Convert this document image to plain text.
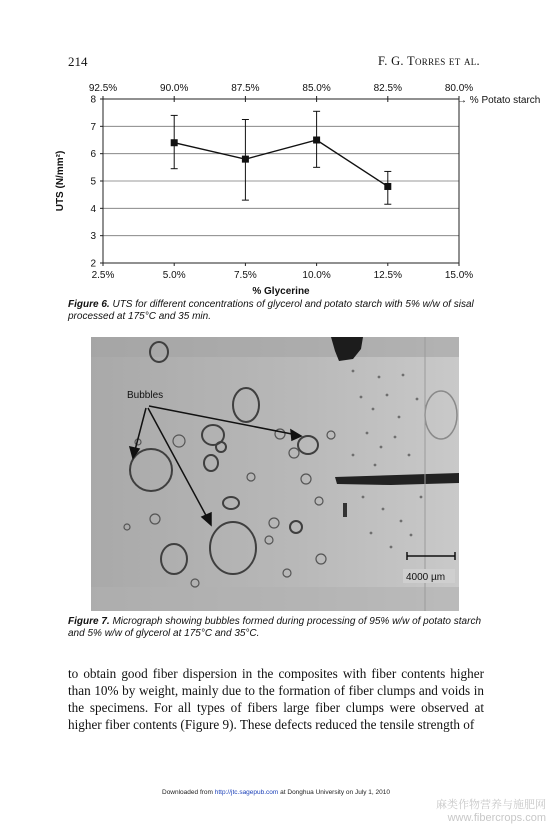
214	F. G. Torres et al.
2
3
4
5
6
7
8
2.5%	5.0%	7.5%	10.0%	12.5%	15.0%
92.5%	90.0%	87.5%	85.0%	82.5%	80.0%
→ % Potato starch
% Glycerine
UTS (N/mm²)
Figure 6. UTS for different concentrations of glycerol and potato starch with 5% w/w of sisal processed at 175°C and 35 min.
Bubbles
4000 µm
Figure 7. Micrograph showing bubbles formed during processing of 95% w/w of potato starch and 5% w/w of glycerol at 175°C and 35°C.

to obtain good fiber dispersion in the composites with fiber contents higher than 10% by weight, mainly due to the formation of fiber clumps and voids in the specimens. For all types of fibers large fiber clumps were observed at higher fiber contents (Figure 9). These defects reduced the tensile strength of

Downloaded from http://jtc.sagepub.com at Donghua University on July 1, 2010
麻类作物营养与施肥网
www.fibercrops.com
